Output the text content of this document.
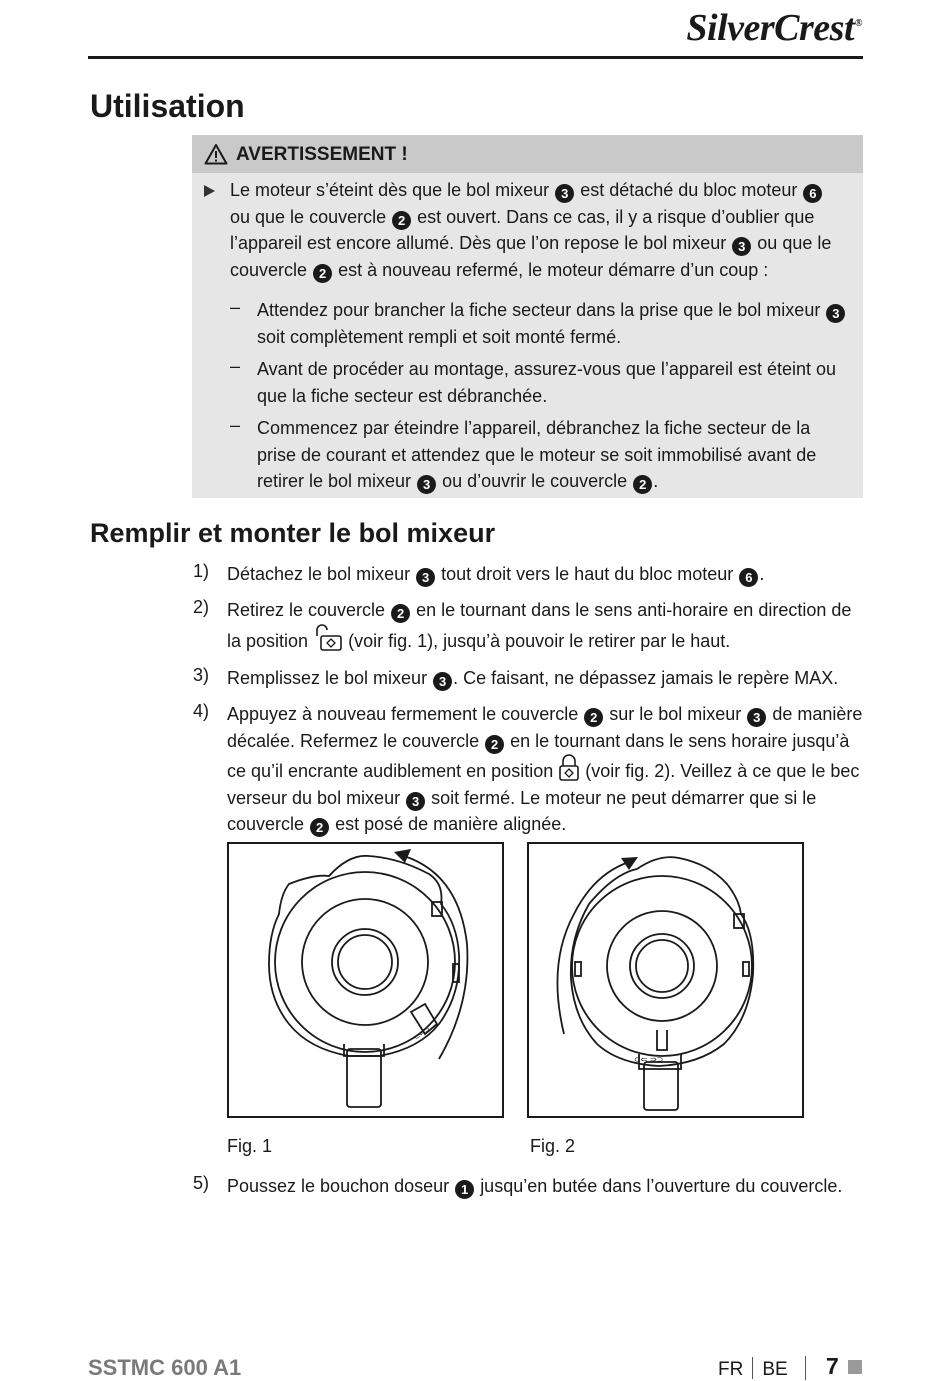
SilverCrest®
Utilisation
AVERTISSEMENT !
Le moteur s’éteint dès que le bol mixeur 3 est détaché du bloc moteur 6 ou que le couvercle 2 est ouvert. Dans ce cas, il y a risque d’oublier que l’appareil est encore allumé. Dès que l’on repose le bol mixeur 3 ou que le couvercle 2 est à nouveau refermé, le moteur démarre d’un coup :
– Attendez pour brancher la fiche secteur dans la prise que le bol mixeur 3 soit complètement rempli et soit monté fermé.
– Avant de procéder au montage, assurez-vous que l’appareil est éteint ou que la fiche secteur est débranchée.
– Commencez par éteindre l’appareil, débranchez la fiche secteur de la prise de courant et attendez que le moteur se soit immobilisé avant de retirer le bol mixeur 3 ou d’ouvrir le couvercle 2 .
Remplir et monter le bol mixeur
1) Détachez le bol mixeur 3 tout droit vers le haut du bloc moteur 6 .
2) Retirez le couvercle 2 en le tournant dans le sens anti-horaire en direction de la position (voir fig. 1), jusqu’à pouvoir le retirer par le haut.
3) Remplissez le bol mixeur 3 . Ce faisant, ne dépassez jamais le repère MAX.
4) Appuyez à nouveau fermement le couvercle 2 sur le bol mixeur 3 de manière décalée. Refermez le couvercle 2 en le tournant dans le sens horaire jusqu’à ce qu’il encrante audiblement en position (voir fig. 2). Veillez à ce que le bec verseur du bol mixeur 3 soit fermé. Le moteur ne peut démarrer que si le couvercle 2 est posé de manière alignée.
⊂⇐⊃
Fig. 1
⊂⇐ ⇒⊃
Fig. 2
5) Poussez le bouchon doseur 1 jusqu’en butée dans l’ouverture du couvercle.
SSTMC 600 A1	FR BE 7
